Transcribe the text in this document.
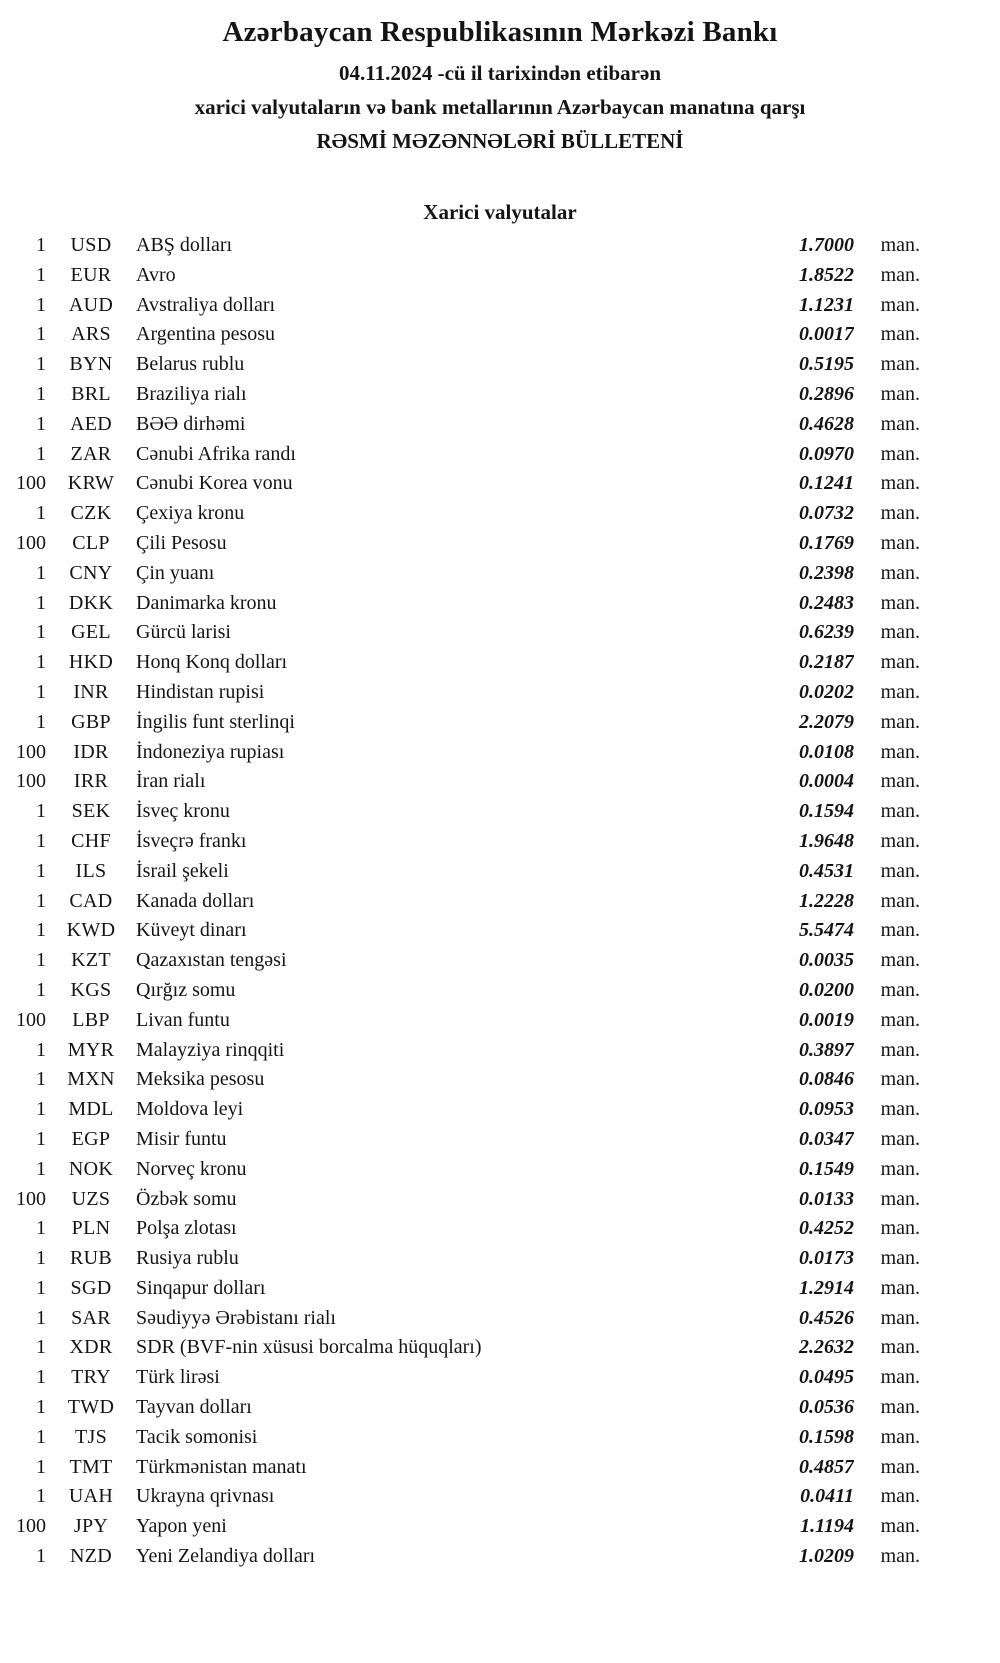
Azərbaycan Respublikasının Mərkəzi Bankı
04.11.2024 -cü il tarixindən etibarən
xarici valyutaların və bank metallarının Azərbaycan manatına qarşı
RƏSMİ MƏZƏNNƏLƏRİ BÜLLETENİ
Xarici valyutalar
1	USD	ABŞ dolları	1.7000	man.
1	EUR	Avro	1.8522	man.
1	AUD	Avstraliya dolları	1.1231	man.
1	ARS	Argentina pesosu	0.0017	man.
1	BYN	Belarus rublu	0.5195	man.
1	BRL	Braziliya rialı	0.2896	man.
1	AED	BƏƏ dirhəmi	0.4628	man.
1	ZAR	Cənubi Afrika randı	0.0970	man.
100	KRW	Cənubi Korea vonu	0.1241	man.
1	CZK	Çexiya kronu	0.0732	man.
100	CLP	Çili Pesosu	0.1769	man.
1	CNY	Çin yuanı	0.2398	man.
1	DKK	Danimarka kronu	0.2483	man.
1	GEL	Gürcü larisi	0.6239	man.
1	HKD	Honq Konq dolları	0.2187	man.
1	INR	Hindistan rupisi	0.0202	man.
1	GBP	İngilis funt sterlinqi	2.2079	man.
100	IDR	İndoneziya rupiası	0.0108	man.
100	IRR	İran rialı	0.0004	man.
1	SEK	İsveç kronu	0.1594	man.
1	CHF	İsveçrə frankı	1.9648	man.
1	ILS	İsrail şekeli	0.4531	man.
1	CAD	Kanada dolları	1.2228	man.
1	KWD	Küveyt dinarı	5.5474	man.
1	KZT	Qazaxıstan tengəsi	0.0035	man.
1	KGS	Qırğız somu	0.0200	man.
100	LBP	Livan funtu	0.0019	man.
1	MYR	Malayziya rinqqiti	0.3897	man.
1	MXN	Meksika pesosu	0.0846	man.
1	MDL	Moldova leyi	0.0953	man.
1	EGP	Misir funtu	0.0347	man.
1	NOK	Norveç kronu	0.1549	man.
100	UZS	Özbək somu	0.0133	man.
1	PLN	Polşa zlotası	0.4252	man.
1	RUB	Rusiya rublu	0.0173	man.
1	SGD	Sinqapur dolları	1.2914	man.
1	SAR	Səudiyyə Ərəbistanı rialı	0.4526	man.
1	XDR	SDR (BVF-nin xüsusi borcalma hüquqları)	2.2632	man.
1	TRY	Türk lirəsi	0.0495	man.
1	TWD	Tayvan dolları	0.0536	man.
1	TJS	Tacik somonisi	0.1598	man.
1	TMT	Türkmənistan manatı	0.4857	man.
1	UAH	Ukrayna qrivnası	0.0411	man.
100	JPY	Yapon yeni	1.1194	man.
1	NZD	Yeni Zelandiya dolları	1.0209	man.
